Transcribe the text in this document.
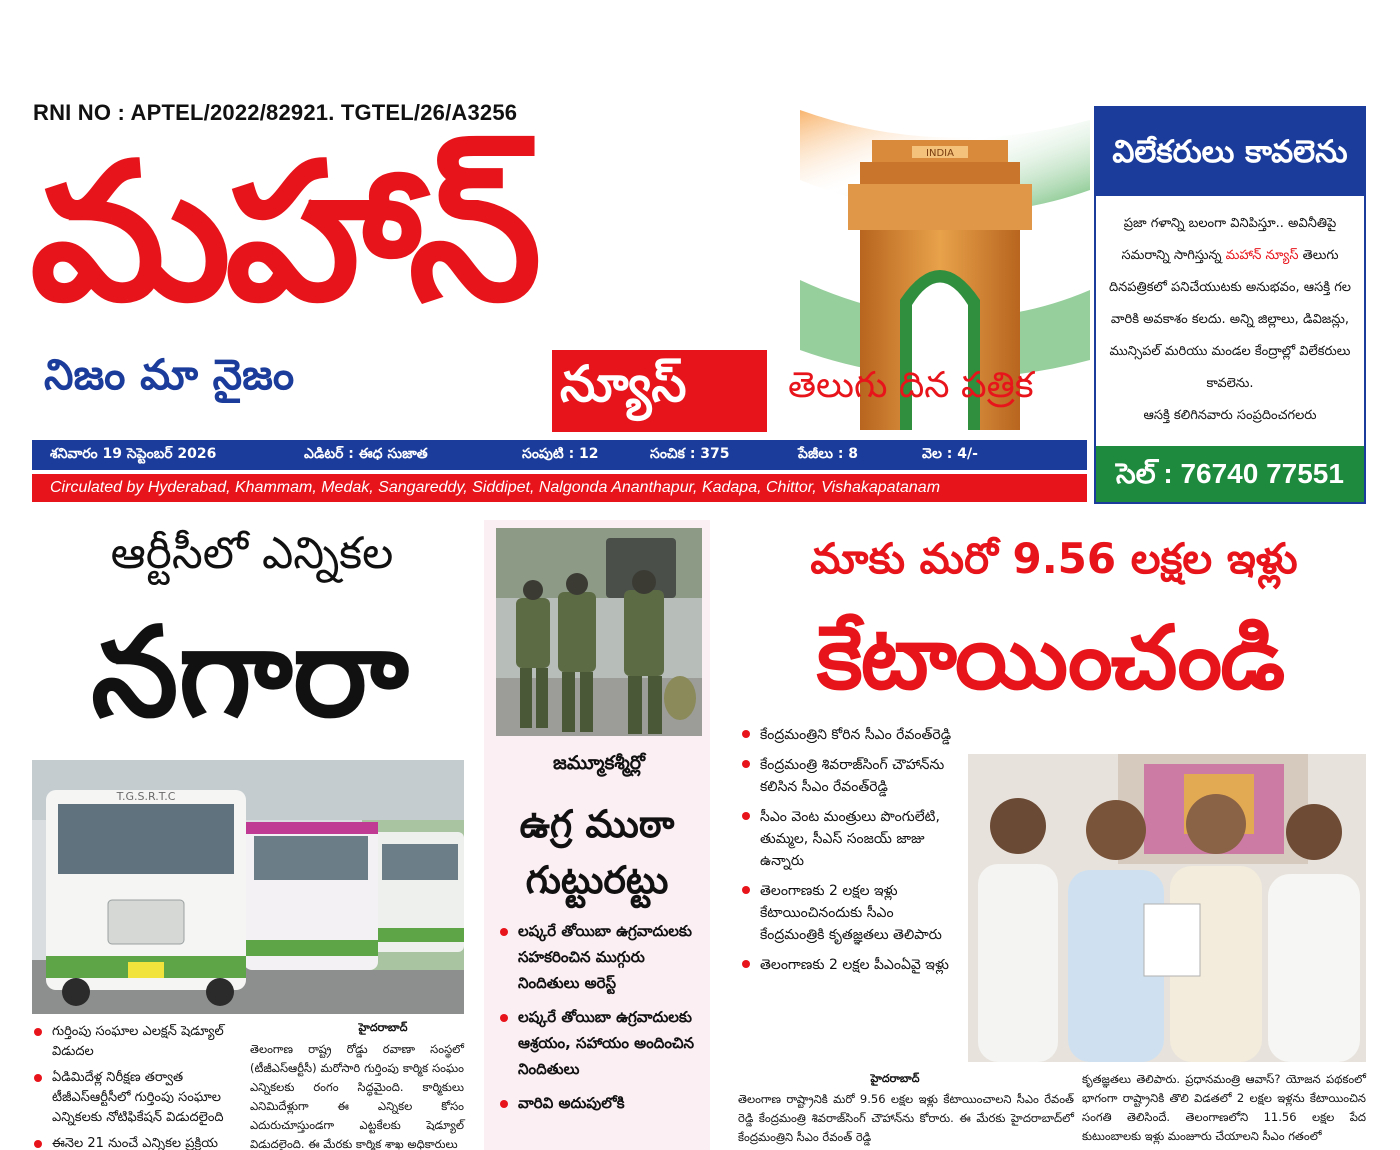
RNI NO : APTEL/2022/82921. TGTEL/26/A3256
మహాన్	INDIA
నిజం మా నైజం	న్యూస్	తెలుగు దిన పత్రిక
విలేకరులు కావలెను
ప్రజా గళాన్ని బలంగా వినిపిస్తూ.. అవినీతిపై సమరాన్ని సాగిస్తున్న మహాన్ న్యూస్ తెలుగు దినపత్రికలో పనిచేయుటకు అనుభవం, ఆసక్తి గల వారికి అవకాశం కలదు. అన్ని జిల్లాలు, డివిజన్లు, మున్సిపల్ మరియు మండల కేంద్రాల్లో విలేకరులు కావలెను.
ఆసక్తి కలిగినవారు సంప్రదించగలరు
సెల్ : 76740 77551
శనివారం 19 సెప్టెంబర్ 2026	ఎడిటర్ : ఈధ సుజాత	సంపుటి : 12	సంచిక : 375	పేజీలు : 8	వెల : 4/-
Circulated by Hyderabad, Khammam, Medak, Sangareddy, Siddipet, Nalgonda Ananthapur, Kadapa, Chittor, Vishakapatanam
ఆర్టీసీలో ఎన్నికల
నగారా
T.G.S.R.T.C
గుర్తింపు సంఘాల ఎలక్షన్ షెడ్యూల్ విడుదల
ఏడిమిదేళ్ల నిరీక్షణ తర్వాత టీజీఎస్ఆర్టీసీలో గుర్తింపు సంఘాల ఎన్నికలకు నోటిఫికేషన్ విడుదలైంది
ఈనెల 21 నుంచే ఎన్నికల ప్రక్రియ
హైదరాబాద్
తెలంగాణ రాష్ట్ర రోడ్డు రవాణా సంస్థలో (టీజీఎస్ఆర్టీసీ) మరోసారి గుర్తింపు కార్మిక సంఘం ఎన్నికలకు రంగం సిద్ధమైంది. కార్మికులు ఎనిమిదేళ్లుగా ఈ ఎన్నికల కోసం ఎదురుచూస్తుండగా ఎట్టకేలకు షెడ్యూల్ విడుదలైంది. ఈ మేరకు కార్మిక శాఖ అధికారులు
జమ్మూకశ్మీర్లో
ఉగ్ర ముఠా గుట్టురట్టు
లష్కరే తోయిబా ఉగ్రవాదులకు సహకరించిన ముగ్గురు నిందితులు అరెస్ట్
లష్కరే తోయిబా ఉగ్రవాదులకు ఆశ్రయం, సహాయం అందించిన నిందితులు
వారివి అదుపులోకి
మాకు మరో 9.56 లక్షల ఇళ్లు
కేటాయించండి
కేంద్రమంత్రిని కోరిన సీఎం రేవంత్‌రెడ్డి
కేంద్రమంత్రి శివరాజ్‌సింగ్ చౌహాన్‌ను కలిసిన సీఎం రేవంత్‌రెడ్డి
సీఎం వెంట మంత్రులు పొంగులేటి, తుమ్మల, సీఎస్ సంజయ్ జాజు ఉన్నారు
తెలంగాణకు 2 లక్షల ఇళ్లు కేటాయించినందుకు సీఎం కేంద్రమంత్రికి కృతజ్ఞతలు తెలిపారు
తెలంగాణకు 2 లక్షల పీఎంఏవై ఇళ్లు
హైదరాబాద్
తెలంగాణ రాష్ట్రానికి మరో 9.56 లక్షల ఇళ్లు కేటాయించాలని సీఎం రేవంత్ రెడ్డి కేంద్రమంత్రి శివరాజ్‌సింగ్ చౌహాన్‌ను కోరారు. ఈ మేరకు హైదరాబాద్‌లో కేంద్రమంత్రిని సీఎం రేవంత్ రెడ్డి
కృతజ్ఞతలు తెలిపారు. ప్రధానమంత్రి ఆవాస్? యోజన పథకంలో భాగంగా రాష్ట్రానికి తొలి విడతలో 2 లక్షల ఇళ్లను కేటాయించిన సంగతి తెలిసిందే. తెలంగాణలోని 11.56 లక్షల పేద కుటుంబాలకు ఇళ్లు మంజూరు చేయాలని సీఎం గతంలో
